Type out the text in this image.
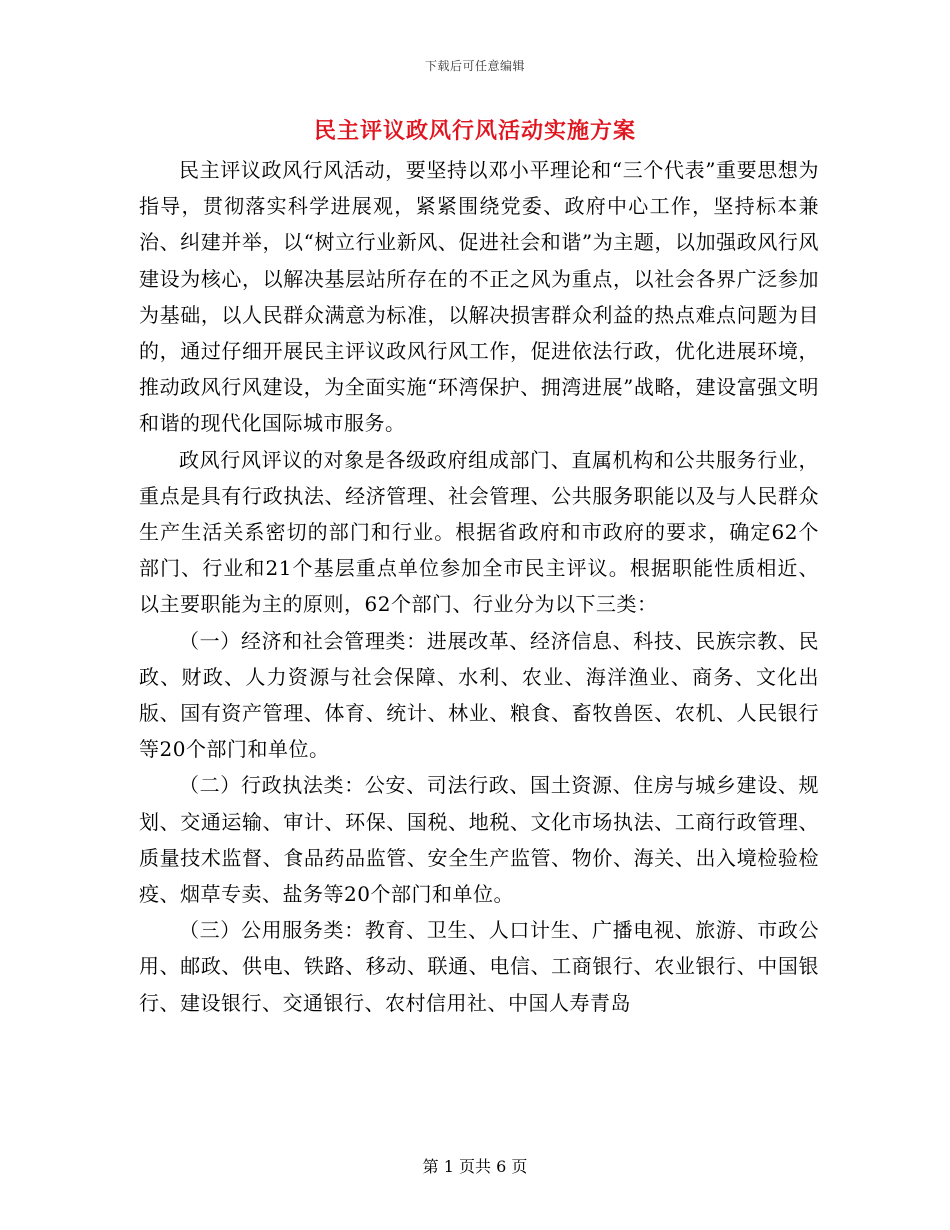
下载后可任意编辑
民主评议政风行风活动实施方案

民主评议政风行风活动，要坚持以邓小平理论和“三个代表”重要思想为指导，贯彻落实科学进展观，紧紧围绕党委、政府中心工作，坚持标本兼治、纠建并举，以“树立行业新风、促进社会和谐”为主题，以加强政风行风建设为核心，以解决基层站所存在的不正之风为重点，以社会各界广泛参加为基础，以人民群众满意为标准，以解决损害群众利益的热点难点问题为目的，通过仔细开展民主评议政风行风工作，促进依法行政，优化进展环境，推动政风行风建设，为全面实施“环湾保护、拥湾进展”战略，建设富强文明和谐的现代化国际城市服务。

政风行风评议的对象是各级政府组成部门、直属机构和公共服务行业，重点是具有行政执法、经济管理、社会管理、公共服务职能以及与人民群众生产生活关系密切的部门和行业。根据省政府和市政府的要求，确定62个部门、行业和21个基层重点单位参加全市民主评议。根据职能性质相近、以主要职能为主的原则，62个部门、行业分为以下三类：

（一）经济和社会管理类：进展改革、经济信息、科技、民族宗教、民政、财政、人力资源与社会保障、水利、农业、海洋渔业、商务、文化出版、国有资产管理、体育、统计、林业、粮食、畜牧兽医、农机、人民银行等20个部门和单位。

（二）行政执法类：公安、司法行政、国土资源、住房与城乡建设、规划、交通运输、审计、环保、国税、地税、文化市场执法、工商行政管理、质量技术监督、食品药品监管、安全生产监管、物价、海关、出入境检验检疫、烟草专卖、盐务等20个部门和单位。

（三）公用服务类：教育、卫生、人口计生、广播电视、旅游、市政公用、邮政、供电、铁路、移动、联通、电信、工商银行、农业银行、中国银行、建设银行、交通银行、农村信用社、中国人寿青岛

第 1 页共 6 页
